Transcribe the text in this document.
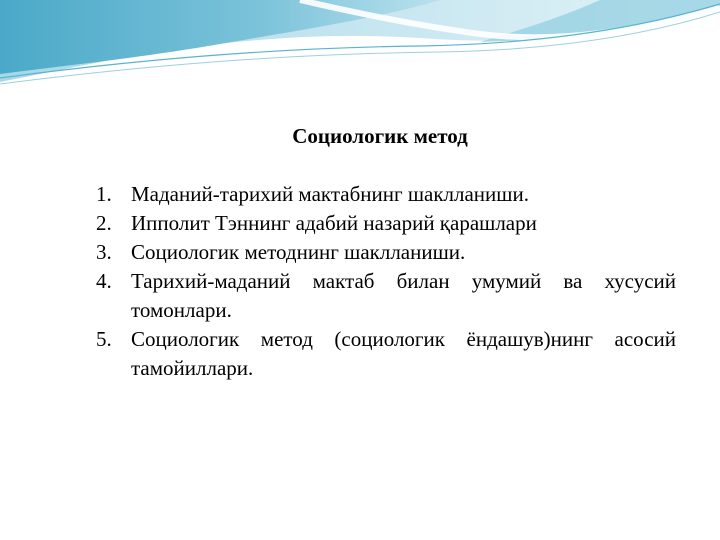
Социологик метод
1. Маданий-тарихий мактабнинг шаклланиши.
2. Ипполит Тэннинг адабий назарий қарашлари
3. Социологик методнинг шаклланиши.
4. Тарихий-маданий мактаб билан умумий ва хусусий томонлари.
5. Социологик метод (социологик ёндашув)нинг асосий тамойиллари.
